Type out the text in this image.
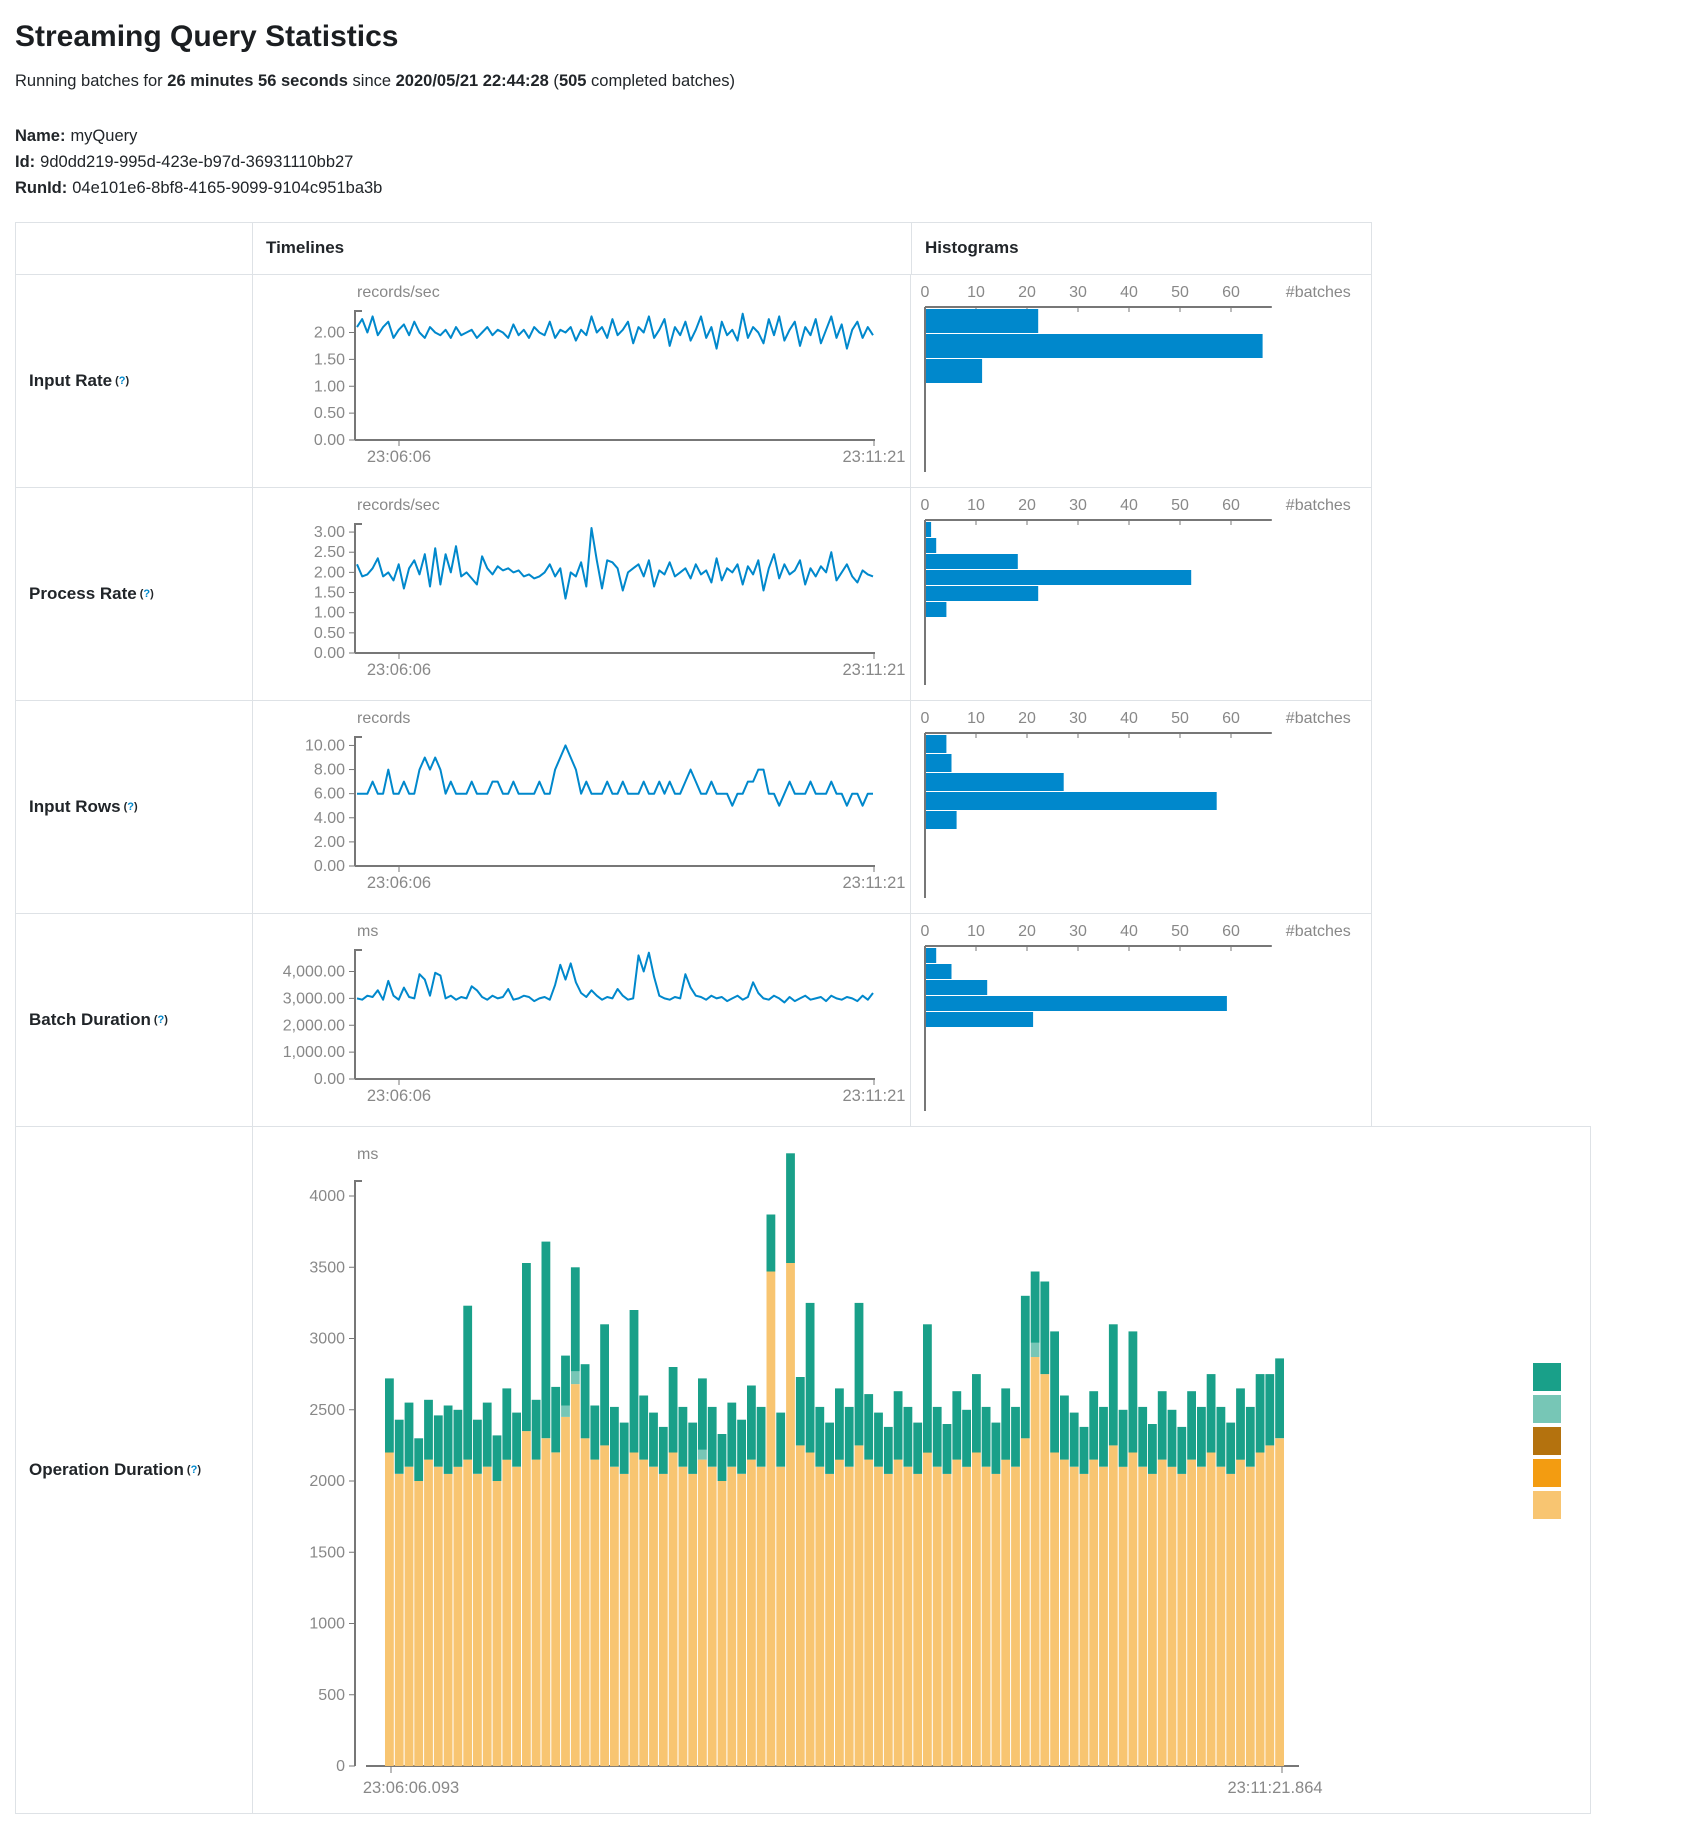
Streaming Query Statistics
Running batches for 26 minutes 56 seconds since 2020/05/21 22:44:28 (505 completed batches)
Name: myQuery
Id: 9d0dd219-995d-423e-b97d-36931110bb27
RunId: 04e101e6-8bf8-4165-9099-9104c951ba3b
Timelines	Histograms
Input Rate (?)
records/sec
0.00
0.50
1.00
1.50
2.00
23:06:06	23:11:21
0 10 20 30 40 50 60	#batches
Process Rate (?)
records/sec
0.00
0.50
1.00
1.50
2.00
2.50
3.00
23:06:06	23:11:21
0 10 20 30 40 50 60	#batches
Input Rows (?)
records
0.00
2.00
4.00
6.00
8.00
10.00
23:06:06	23:11:21
0 10 20 30 40 50 60	#batches
Batch Duration (?)
ms
0.00
1,000.00
2,000.00
3,000.00
4,000.00
23:06:06	23:11:21
0 10 20 30 40 50 60	#batches
Operation Duration (?)
ms
0
500
1000
1500
2000
2500
3000
3500
4000
23:06:06.093	23:11:21.864
